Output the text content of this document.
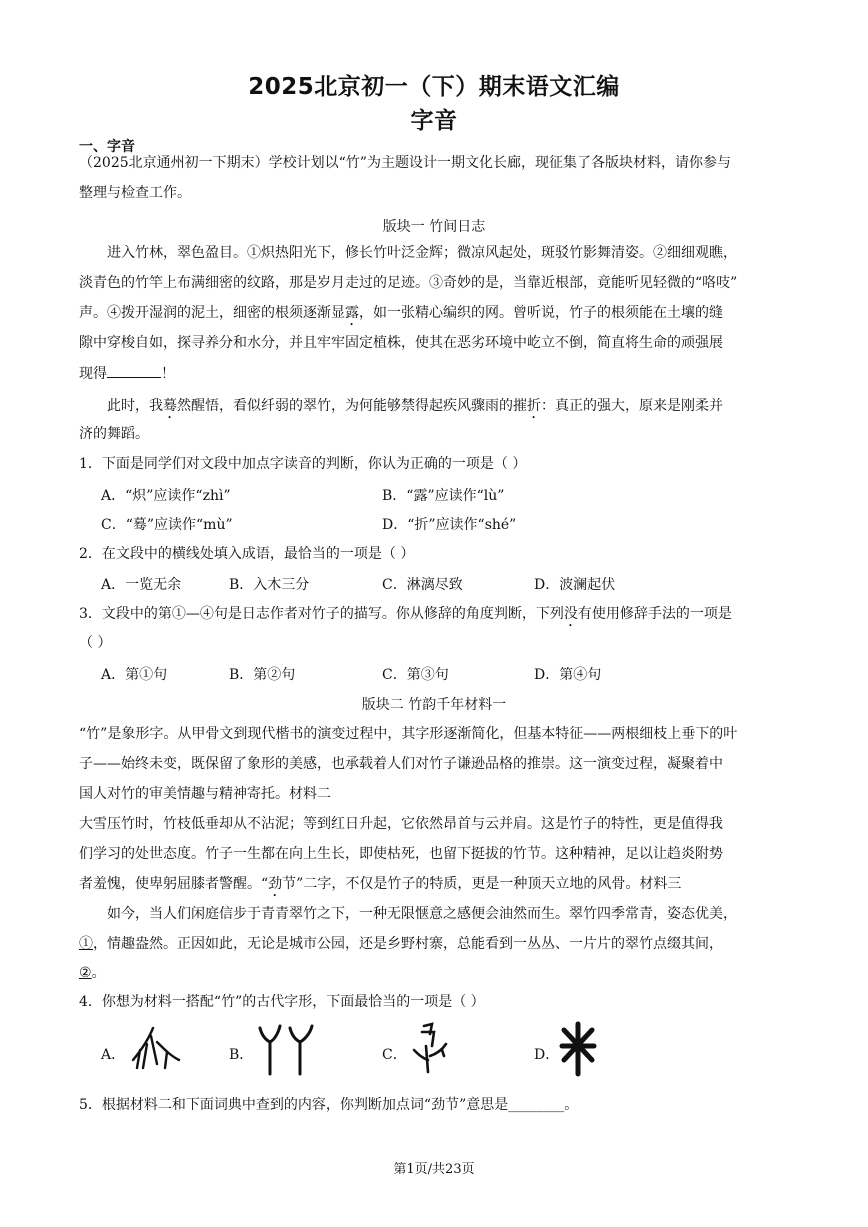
2025北京初一（下）期末语文汇编
字音
一、字音
（2025北京通州初一下期末）学校计划以“竹”为主题设计一期文化长廊，现征集了各版块材料，请你参与
整理与检查工作。
版块一 竹间日志
进入竹林，翠色盈目。①炽热阳光下，修长竹叶泛金辉；微凉风起处，斑驳竹影舞清姿。②细细观瞧，
淡青色的竹竿上布满细密的纹路，那是岁月走过的足迹。③奇妙的是，当靠近根部，竟能听见轻微的“咯吱”
声。④拨开湿润的泥土，细密的根须逐渐显露，如一张精心编织的网。曾听说，竹子的根须能在土壤的缝
隙中穿梭自如，探寻养分和水分，并且牢牢固定植株，使其在恶劣环境中屹立不倒，简直将生命的顽强展
现得	！
此时，我蓦然醒悟，看似纤弱的翠竹，为何能够禁得起疾风骤雨的摧折：真正的强大，原来是刚柔并
济的舞蹈。
1．下面是同学们对文段中加点字读音的判断，你认为正确的一项是（ ）
A．“炽”应读作“zhì”	B．“露”应读作“lù”
C．“蓦”应读作“mù”	D．“折”应读作“shé”
2．在文段中的横线处填入成语，最恰当的一项是（ ）
A．一览无余	B．入木三分	C．淋漓尽致	D．波澜起伏
3．文段中的第①—④句是日志作者对竹子的描写。你从修辞的角度判断，下列没有使用修辞手法的一项是
（ ）
A．第①句	B．第②句	C．第③句	D．第④句
版块二 竹韵千年材料一
“竹”是象形字。从甲骨文到现代楷书的演变过程中，其字形逐渐简化，但基本特征——两根细枝上垂下的叶
子——始终未变，既保留了象形的美感，也承载着人们对竹子谦逊品格的推崇。这一演变过程，凝聚着中
国人对竹的审美情趣与精神寄托。材料二
大雪压竹时，竹枝低垂却从不沾泥；等到红日升起，它依然昂首与云并肩。这是竹子的特性，更是值得我
们学习的处世态度。竹子一生都在向上生长，即使枯死，也留下挺拔的竹节。这种精神，足以让趋炎附势
者羞愧，使卑躬屈膝者警醒。“劲节”二字，不仅是竹子的特质，更是一种顶天立地的风骨。材料三
如今，当人们闲庭信步于青青翠竹之下，一种无限惬意之感便会油然而生。翠竹四季常青，姿态优美，
①，情趣盎然。正因如此，无论是城市公园，还是乡野村寨，总能看到一丛丛、一片片的翠竹点缀其间，
②。
4．你想为材料一搭配“竹”的古代字形，下面最恰当的一项是（ ）
A．	B．	C．	D．
5．根据材料二和下面词典中查到的内容，你判断加点词“劲节”意思是________。
第1页/共23页
